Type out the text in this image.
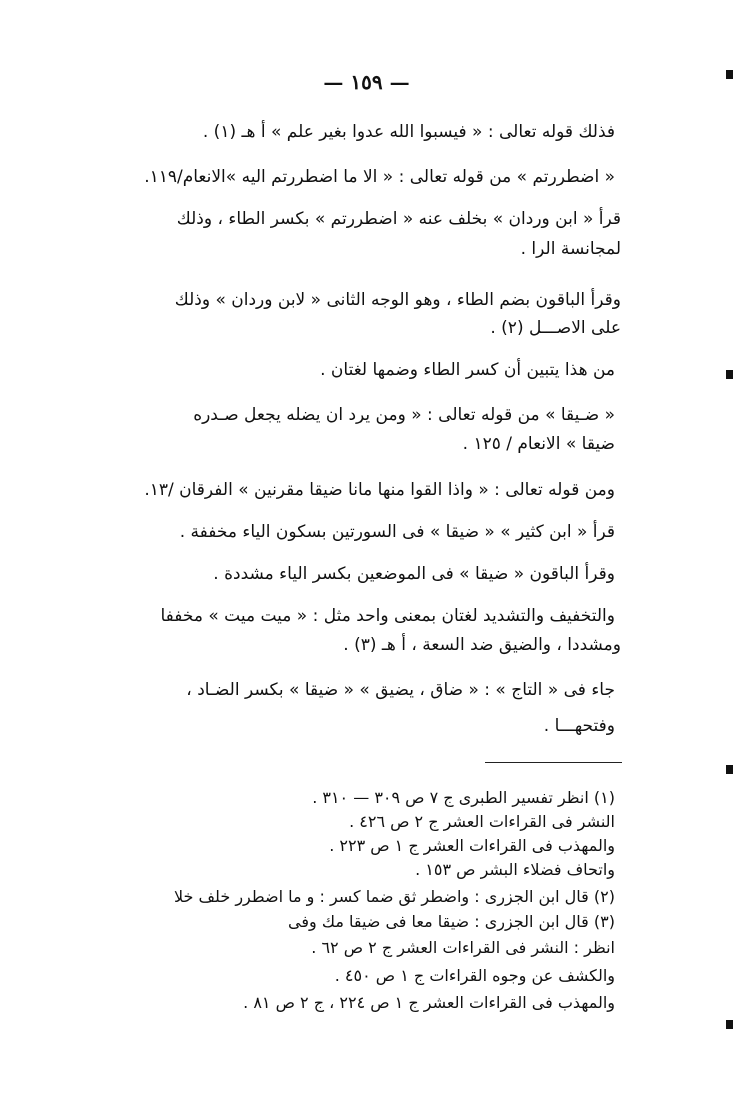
— ١٥٩ —
فذلك قوله تعالى : « فيسبوا الله عدوا بغير علم » أ هـ (١) .
« اضطررتم » من قوله تعالى : « الا ما اضطررتم اليه »الانعام/١١٩.
قرأ « ابن وردان » بخلف عنه « اضطررتم » بكسر الطاء ، وذلك
لمجانسة الرا .
وقرأ الباقون بضم الطاء ، وهو الوجه الثانى « لابن وردان » وذلك
على الاصـــل (٢) .
من هذا يتبين أن كسر الطاء وضمها لغتان .
« ضـيقا » من قوله تعالى : « ومن يرد ان يضله يجعل صـدره
ضيقا » الانعام / ١٢٥ .
ومن قوله تعالى : « واذا القوا منها مانا ضيقا مقرنين » الفرقان /١٣.
قرأ « ابن كثير » « ضيقا » فى السورتين بسكون الياء مخففة .
وقرأ الباقون « ضيقا » فى الموضعين بكسر الياء مشددة .
والتخفيف والتشديد لغتان بمعنى واحد مثل : « ميت ميت » مخففا
ومشددا ، والضيق ضد السعة ، أ هـ (٣) .
جاء فى « التاج » : « ضاق ، يضيق » « ضيقا » بكسر الضـاد ،
وفتحهـــا .
(١) انظر تفسير الطبرى ج ٧ ص ٣٠٩ — ٣١٠ .
النشر فى القراءات العشر ج ٢ ص ٤٢٦ .
والمهذب فى القراءات العشر ج ١ ص ٢٢٣ .
واتحاف فضلاء البشر ص ١٥٣ .
(٢) قال ابن الجزرى : واضطر ثق ضما كسر : و ما اضطرر خلف خلا
(٣) قال ابن الجزرى : ضيقا معا فى ضيقا مك وفى
انظر : النشر فى القراءات العشر ج ٢ ص ٦٢ .
والكشف عن وجوه القراءات ج ١ ص ٤٥٠ .
والمهذب فى القراءات العشر ج ١ ص ٢٢٤ ، ج ٢ ص ٨١ .
